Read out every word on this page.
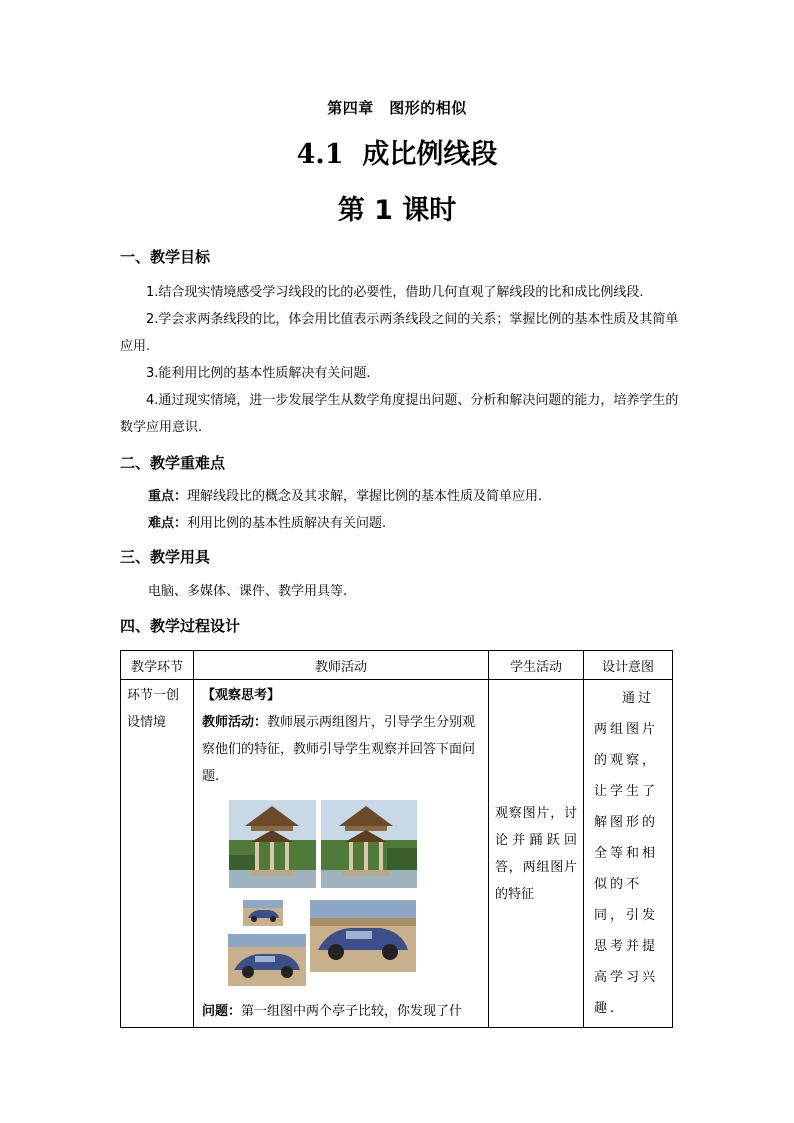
第四章　图形的相似
4.1 成比例线段
第 1 课时
一、教学目标
1.结合现实情境感受学习线段的比的必要性，借助几何直观了解线段的比和成比例线段.
2.学会求两条线段的比，体会用比值表示两条线段之间的关系；掌握比例的基本性质及其简单应用.
3.能利用比例的基本性质解决有关问题.
4.通过现实情境，进一步发展学生从数学角度提出问题、分析和解决问题的能力，培养学生的数学应用意识.
二、教学重难点
重点：理解线段比的概念及其求解，掌握比例的基本性质及简单应用.
难点：利用比例的基本性质解决有关问题.
三、教学用具
电脑、多媒体、课件、教学用具等.
四、教学过程设计
教学环节	教师活动	学生活动	设计意图
环节一创设情境	【观察思考】
教师活动：教师展示两组图片，引导学生分别观察他们的特征，教师引导学生观察并回答下面问题.
问题：第一组图中两个亭子比较，你发现了什	观察图片，讨论并踊跃回答，两组图片的特征	通过两组图片的观察，让学生了解图形的全等和相似的不同，引发思考并提高学习兴趣.
